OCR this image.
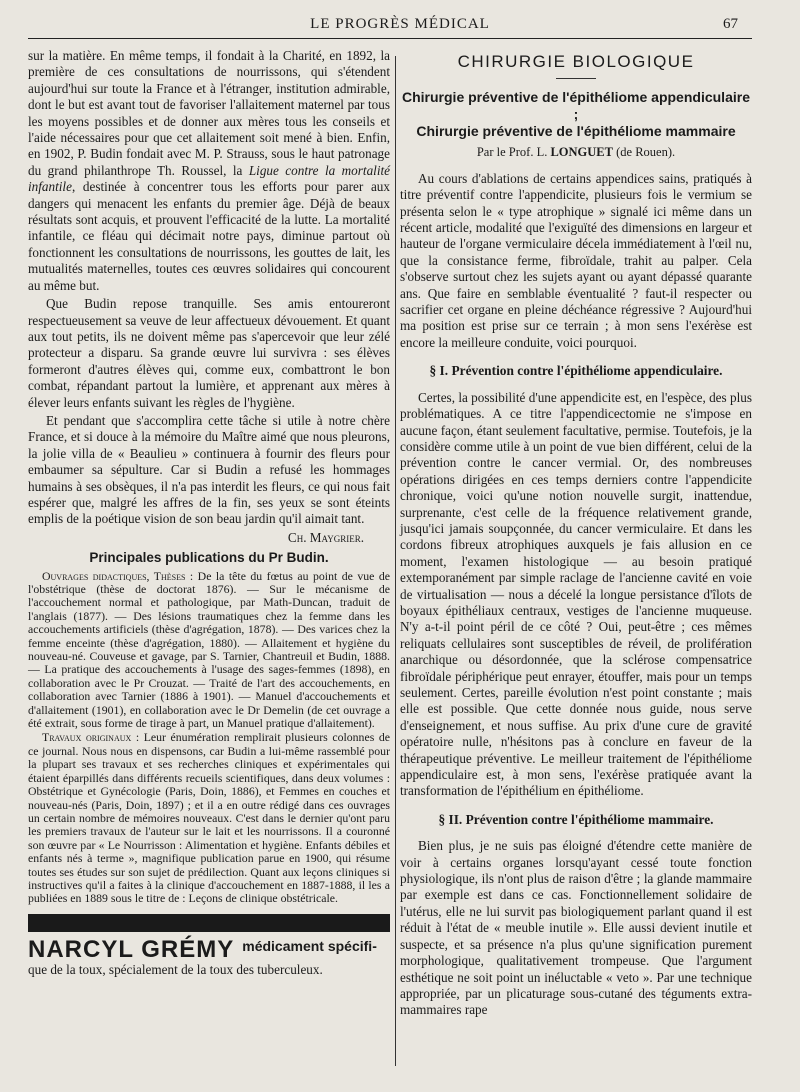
LE PROGRÈS MÉDICAL	67

sur la matière. En même temps, il fondait à la Charité, en 1892, la première de ces consultations de nourrissons, qui s'étendent aujourd'hui sur toute la France et à l'étranger, institution admirable, dont le but est avant tout de favoriser l'allaitement maternel par tous les moyens possibles et de donner aux mères tous les conseils et l'aide nécessaires pour que cet allaitement soit mené à bien. Enfin, en 1902, P. Budin fondait avec M. P. Strauss, sous le haut patronage du grand philanthrope Th. Roussel, la Ligue contre la mortalité infantile, destinée à concentrer tous les efforts pour parer aux dangers qui menacent les enfants du premier âge. Déjà de beaux résultats sont acquis, et prouvent l'efficacité de la lutte. La mortalité infantile, ce fléau qui décimait notre pays, diminue partout où fonctionnent les consultations de nourrissons, les gouttes de lait, les mutualités maternelles, toutes ces œuvres solidaires qui concourent au même but.

Que Budin repose tranquille. Ses amis entoureront respectueusement sa veuve de leur affectueux dévouement. Et quant aux tout petits, ils ne doivent même pas s'apercevoir que leur zélé protecteur a disparu. Sa grande œuvre lui survivra : ses élèves formeront d'autres élèves qui, comme eux, combattront le bon combat, répandant partout la lumière, et apprenant aux mères à élever leurs enfants suivant les règles de l'hygiène.

Et pendant que s'accomplira cette tâche si utile à notre chère France, et si douce à la mémoire du Maître aimé que nous pleurons, la jolie villa de « Beaulieu » continuera à fournir des fleurs pour embaumer sa sépulture. Car si Budin a refusé les hommages humains à ses obsèques, il n'a pas interdit les fleurs, ce qui nous fait espérer que, malgré les affres de la fin, ses yeux se sont éteints emplis de la poétique vision de son beau jardin qu'il aimait tant.

Ch. Maygrier.
Principales publications du Pr Budin.

Ouvrages didactiques, Thèses : De la tête du fœtus au point de vue de l'obstétrique (thèse de doctorat 1876). — Sur le mécanisme de l'accouchement normal et pathologique, par Math-Duncan, traduit de l'anglais (1877). — Des lésions traumatiques chez la femme dans les accouchements artificiels (thèse d'agrégation, 1878). — Des varices chez la femme enceinte (thèse d'agrégation, 1880). — Allaitement et hygiène du nouveau-né. Couveuse et gavage, par S. Tarnier, Chantreuil et Budin, 1888. — La pratique des accouchements à l'usage des sages-femmes (1898), en collaboration avec le Pr Crouzat. — Traité de l'art des accouchements, en collaboration avec Tarnier (1886 à 1901). — Manuel d'accouchements et d'allaitement (1901), en collaboration avec le Dr Demelin (de cet ouvrage a été extrait, sous forme de tirage à part, un Manuel pratique d'allaitement).

Travaux originaux : Leur énumération remplirait plusieurs colonnes de ce journal. Nous nous en dispensons, car Budin a lui-même rassemblé pour la plupart ses travaux et ses recherches cliniques et expérimentales qui étaient éparpillés dans différents recueils scientifiques, dans deux volumes : Obstétrique et Gynécologie (Paris, Doin, 1886), et Femmes en couches et nouveau-nés (Paris, Doin, 1897) ; et il a en outre rédigé dans ces ouvrages un certain nombre de mémoires nouveaux. C'est dans le dernier qu'ont paru les premiers travaux de l'auteur sur le lait et les nourrissons. Il a couronné son œuvre par « Le Nourrisson : Alimentation et hygiène. Enfants débiles et enfants nés à terme », magnifique publication parue en 1900, qui résume toutes ses études sur son sujet de prédilection. Quant aux leçons cliniques si instructives qu'il a faites à la clinique d'accouchement en 1887-1888, il les a publiées en 1889 sous le titre de : Leçons de clinique obstétricale.

NARCYL GRÉMY médicament spécifi-
que de la toux, spécialement de la toux des tuberculeux.
CHIRURGIE BIOLOGIQUE
Chirurgie préventive de l'épithéliome appendiculaire ;
Chirurgie préventive de l'épithéliome mammaire
Par le Prof. L. LONGUET (de Rouen).

Au cours d'ablations de certains appendices sains, pratiqués à titre préventif contre l'appendicite, plusieurs fois le vermium se présenta selon le « type atrophique » signalé ici même dans un récent article, modalité que l'exiguïté des dimensions en largeur et hauteur de l'organe vermiculaire décela immédiatement à l'œil nu, que la consistance ferme, fibroïdale, trahit au palper. Cela s'observe surtout chez les sujets ayant ou ayant dépassé quarante ans. Que faire en semblable éventualité ? faut-il respecter ou sacrifier cet organe en pleine déchéance régressive ? Aujourd'hui ma position est prise sur ce terrain ; à mon sens l'exérèse est encore la meilleure conduite, voici pourquoi.

§ I. Prévention contre l'épithéliome appendiculaire.

Certes, la possibilité d'une appendicite est, en l'espèce, des plus problématiques. A ce titre l'appendicectomie ne s'impose en aucune façon, étant seulement facultative, permise. Toutefois, je la considère comme utile à un point de vue bien différent, celui de la prévention contre le cancer vermial. Or, des nombreuses opérations dirigées en ces temps derniers contre l'appendicite chronique, voici qu'une notion nouvelle surgit, inattendue, surprenante, c'est celle de la fréquence relativement grande, jusqu'ici jamais soupçonnée, du cancer vermiculaire. Et dans les cordons fibreux atrophiques auxquels je fais allusion en ce moment, l'examen histologique — au besoin pratiqué extemporanément par simple raclage de l'ancienne cavité en voie de virtualisation — nous a décelé la longue persistance d'îlots de boyaux épithéliaux centraux, vestiges de l'ancienne muqueuse. N'y a-t-il point péril de ce côté ? Oui, peut-être ; ces mêmes reliquats cellulaires sont susceptibles de réveil, de prolifération anarchique ou désordonnée, que la sclérose compensatrice fibroïdale périphérique peut enrayer, étouffer, mais pour un temps seulement. Certes, pareille évolution n'est point constante ; mais elle est possible. Que cette donnée nous guide, nous serve d'enseignement, et nous suffise. Au prix d'une cure de gravité opératoire nulle, n'hésitons pas à conclure en faveur de la thérapeutique préventive. Le meilleur traitement de l'épithéliome appendiculaire est, à mon sens, l'exérèse pratiquée avant la transformation de l'épithélium en épithéliome.

§ II. Prévention contre l'épithéliome mammaire.

Bien plus, je ne suis pas éloigné d'étendre cette manière de voir à certains organes lorsqu'ayant cessé toute fonction physiologique, ils n'ont plus de raison d'être ; la glande mammaire par exemple est dans ce cas. Fonctionnellement solidaire de l'utérus, elle ne lui survit pas biologiquement parlant quand il est réduit à l'état de « meuble inutile ». Elle aussi devient inutile et suspecte, et sa présence n'a plus qu'une signification purement morphologique, qualitativement trompeuse. Que l'argument esthétique ne soit point un inéluctable « veto ». Par une technique appropriée, par un plicaturage sous-cutané des téguments extra-mammaires rape
